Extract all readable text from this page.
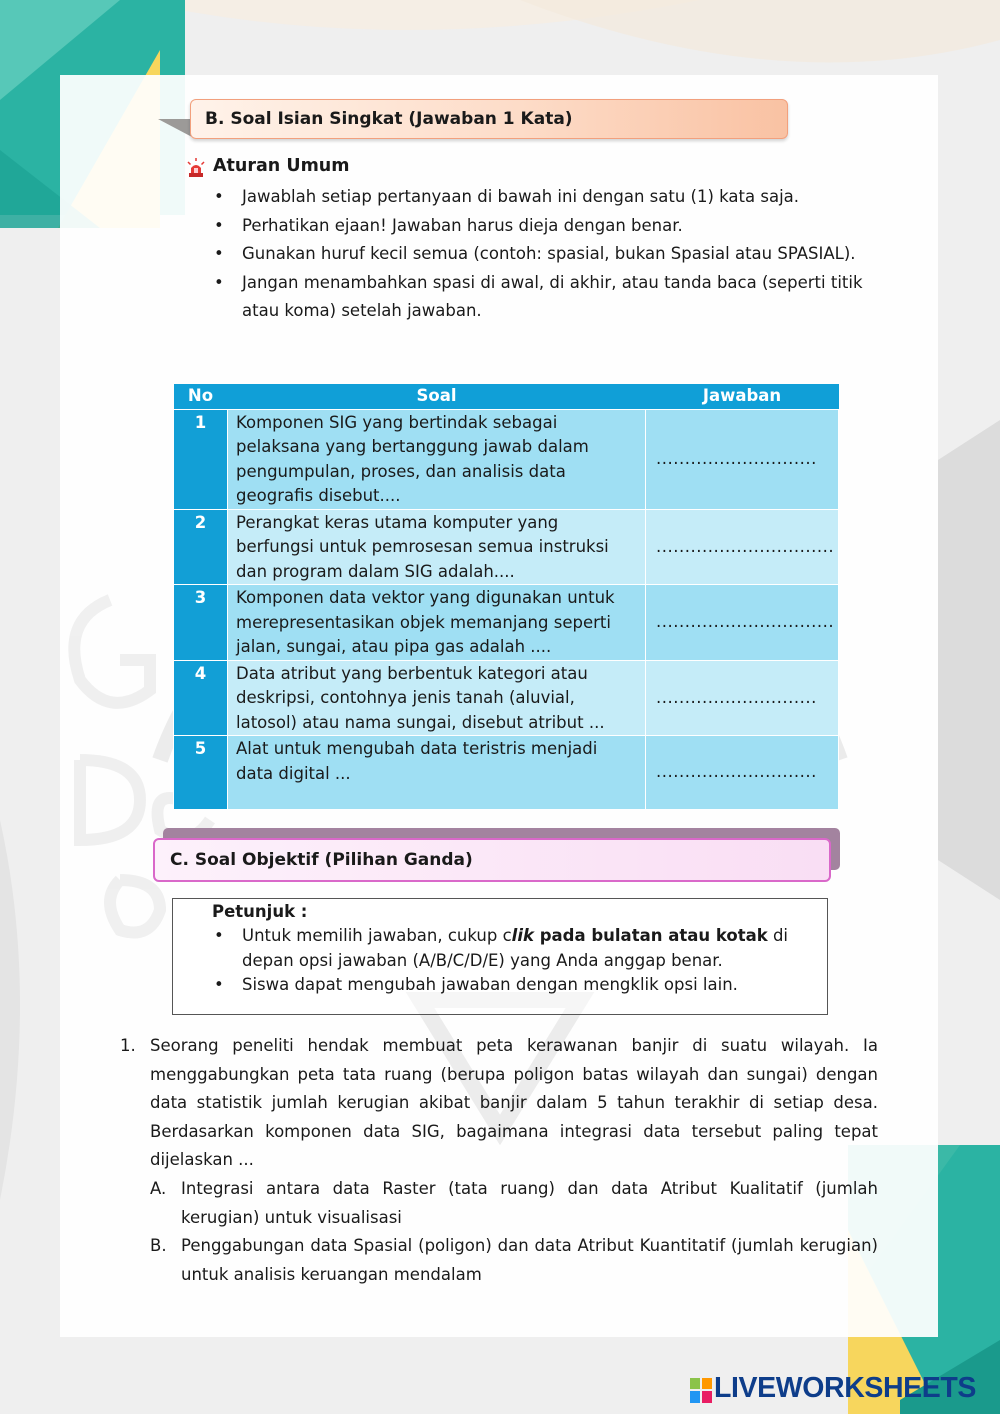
B. Soal Isian Singkat (Jawaban 1 Kata)
Aturan Umum
• Jawablah setiap pertanyaan di bawah ini dengan satu (1) kata saja.
• Perhatikan ejaan! Jawaban harus dieja dengan benar.
• Gunakan huruf kecil semua (contoh: spasial, bukan Spasial atau SPASIAL).
• Jangan menambahkan spasi di awal, di akhir, atau tanda baca (seperti titik atau koma) setelah jawaban.
No	Soal	Jawaban
1	Komponen SIG yang bertindak sebagai pelaksana yang bertanggung jawab dalam pengumpulan, proses, dan analisis data geografis disebut....	............................
2	Perangkat keras utama komputer yang berfungsi untuk pemrosesan semua instruksi dan program dalam SIG adalah....	...............................
3	Komponen data vektor yang digunakan untuk merepresentasikan objek memanjang seperti jalan, sungai, atau pipa gas adalah ....	...............................
4	Data atribut yang berbentuk kategori atau deskripsi, contohnya jenis tanah (aluvial, latosol) atau nama sungai, disebut atribut ...	............................
5	Alat untuk mengubah data teristris menjadi data digital ...	............................
C. Soal Objektif (Pilihan Ganda)
Petunjuk :
• Untuk memilih jawaban, cukup clik pada bulatan atau kotak di depan opsi jawaban (A/B/C/D/E) yang Anda anggap benar.
• Siswa dapat mengubah jawaban dengan mengklik opsi lain.
1. Seorang peneliti hendak membuat peta kerawanan banjir di suatu wilayah. Ia menggabungkan peta tata ruang (berupa poligon batas wilayah dan sungai) dengan data statistik jumlah kerugian akibat banjir dalam 5 tahun terakhir di setiap desa. Berdasarkan komponen data SIG, bagaimana integrasi data tersebut paling tepat dijelaskan ...
A. Integrasi antara data Raster (tata ruang) dan data Atribut Kualitatif (jumlah kerugian) untuk visualisasi
B. Penggabungan data Spasial (poligon) dan data Atribut Kuantitatif (jumlah kerugian) untuk analisis keruangan mendalam
LIVEWORKSHEETS
